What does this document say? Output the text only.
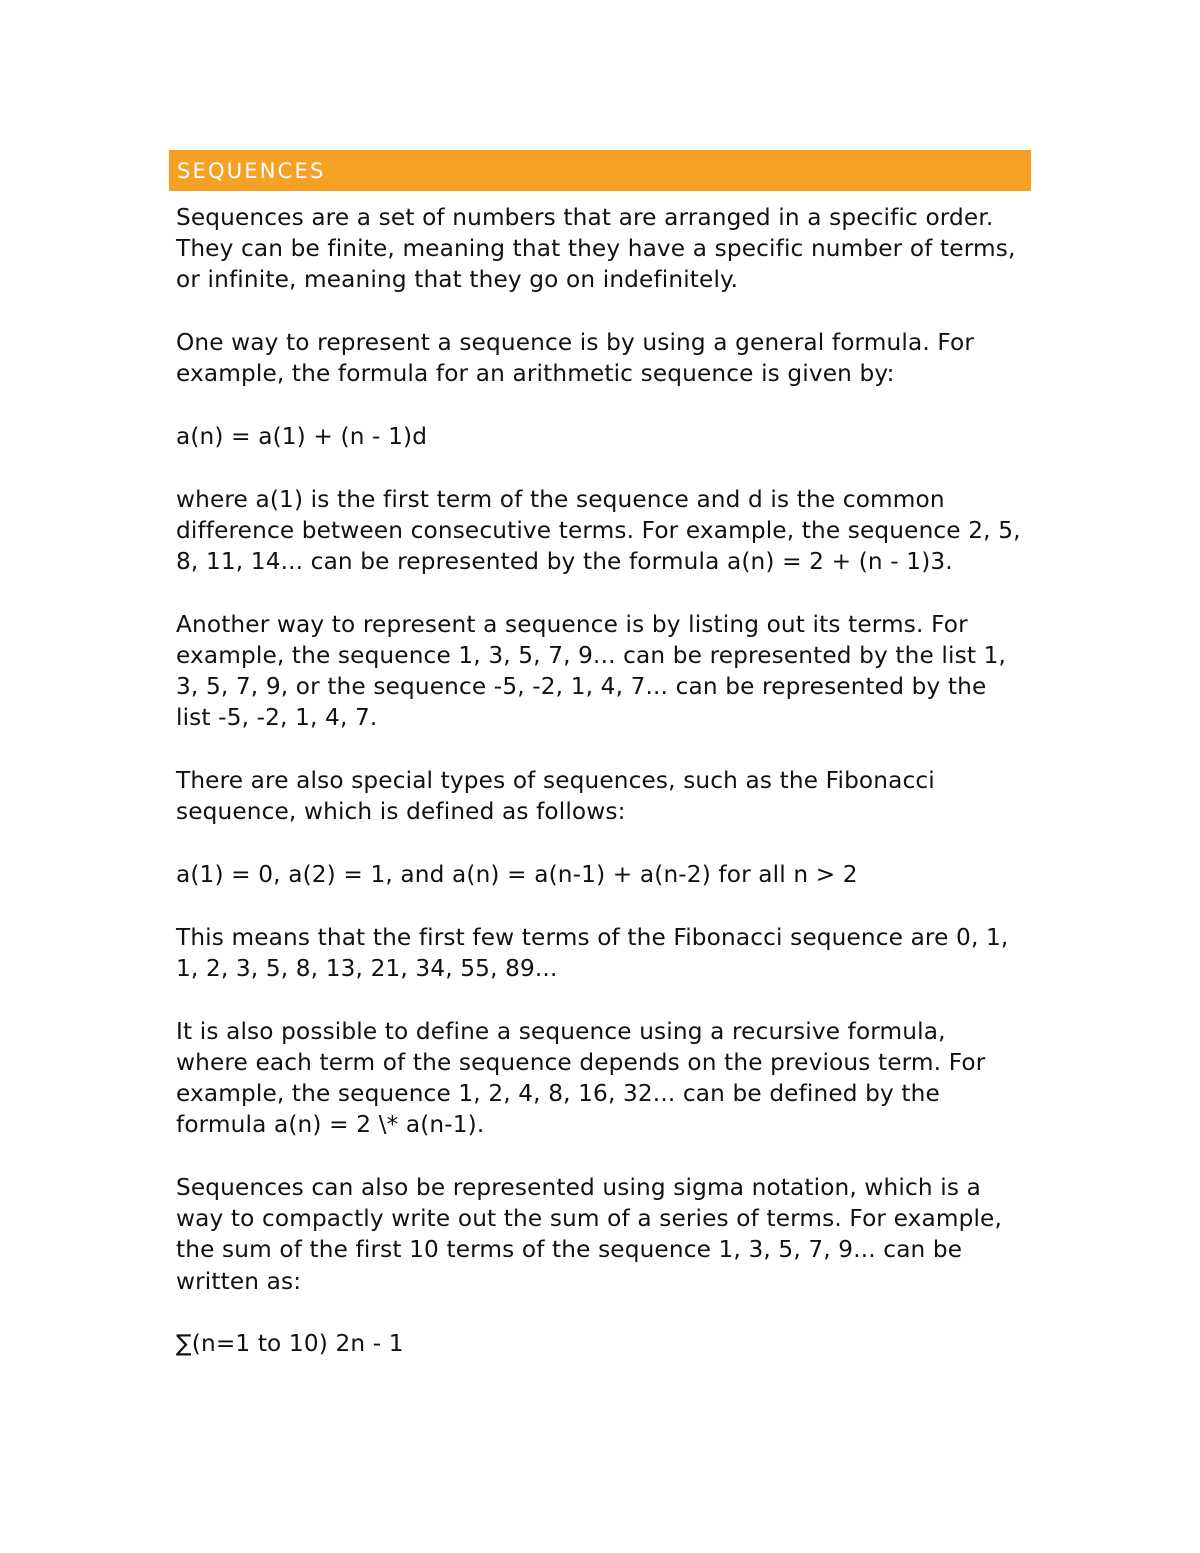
SEQUENCES

Sequences are a set of numbers that are arranged in a specific order.
They can be finite, meaning that they have a specific number of terms,
or infinite, meaning that they go on indefinitely.

One way to represent a sequence is by using a general formula. For
example, the formula for an arithmetic sequence is given by:

a(n) = a(1) + (n - 1)d

where a(1) is the first term of the sequence and d is the common
difference between consecutive terms. For example, the sequence 2, 5,
8, 11, 14... can be represented by the formula a(n) = 2 + (n - 1)3.

Another way to represent a sequence is by listing out its terms. For
example, the sequence 1, 3, 5, 7, 9... can be represented by the list 1,
3, 5, 7, 9, or the sequence -5, -2, 1, 4, 7... can be represented by the
list -5, -2, 1, 4, 7.

There are also special types of sequences, such as the Fibonacci
sequence, which is defined as follows:

a(1) = 0, a(2) = 1, and a(n) = a(n-1) + a(n-2) for all n > 2

This means that the first few terms of the Fibonacci sequence are 0, 1,
1, 2, 3, 5, 8, 13, 21, 34, 55, 89...

It is also possible to define a sequence using a recursive formula,
where each term of the sequence depends on the previous term. For
example, the sequence 1, 2, 4, 8, 16, 32... can be defined by the
formula a(n) = 2 \* a(n-1).

Sequences can also be represented using sigma notation, which is a
way to compactly write out the sum of a series of terms. For example,
the sum of the first 10 terms of the sequence 1, 3, 5, 7, 9... can be
written as:

∑(n=1 to 10) 2n - 1
